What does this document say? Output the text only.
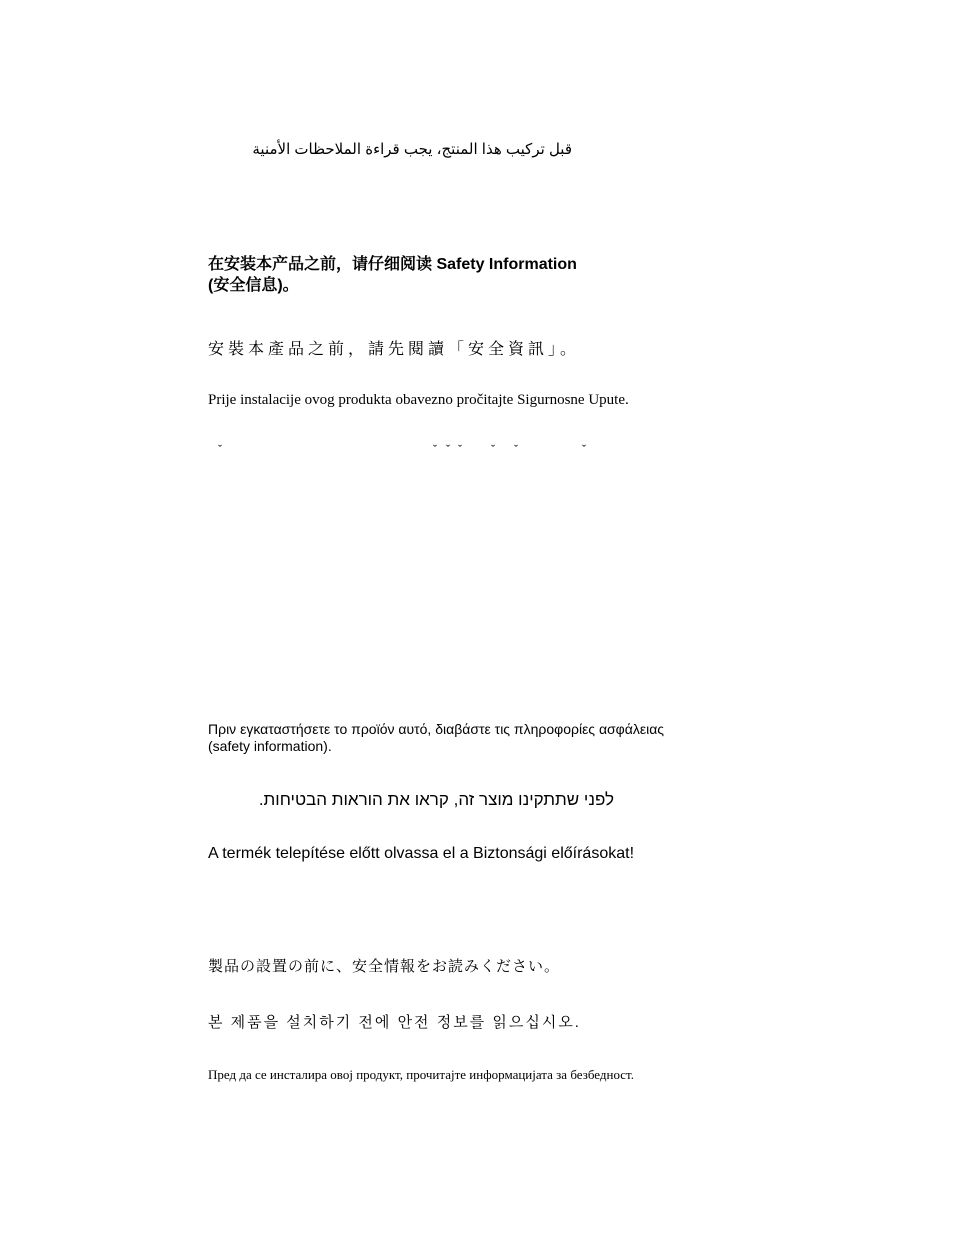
قبل تركيب هذا المنتج، يجب قراءة الملاحظات الأمنية

在安装本产品之前，请仔细阅读 Safety Information
(安全信息)。

安裝本產品之前，請先閱讀「安全資訊」。

Prije instalacije ovog produkta obavezno pročitajte Sigurnosne Upute.

ˇ	ˇ ˇ ˇ ˇ ˇ	ˇ
Πριν εγκαταστήσετε το προϊόν αυτό, διαβάστε τις πληροφορίες ασφάλειας
(safety information).

לפני שתתקינו מוצר זה, קראו את הוראות הבטיחות.

A termék telepítése előtt olvassa el a Biztonsági előírásokat!

製品の設置の前に、安全情報をお読みください。

본 제품을 설치하기 전에 안전 정보를 읽으십시오.

Пред да се инсталира овој продукт, прочитајте информацијата за безбедност.
